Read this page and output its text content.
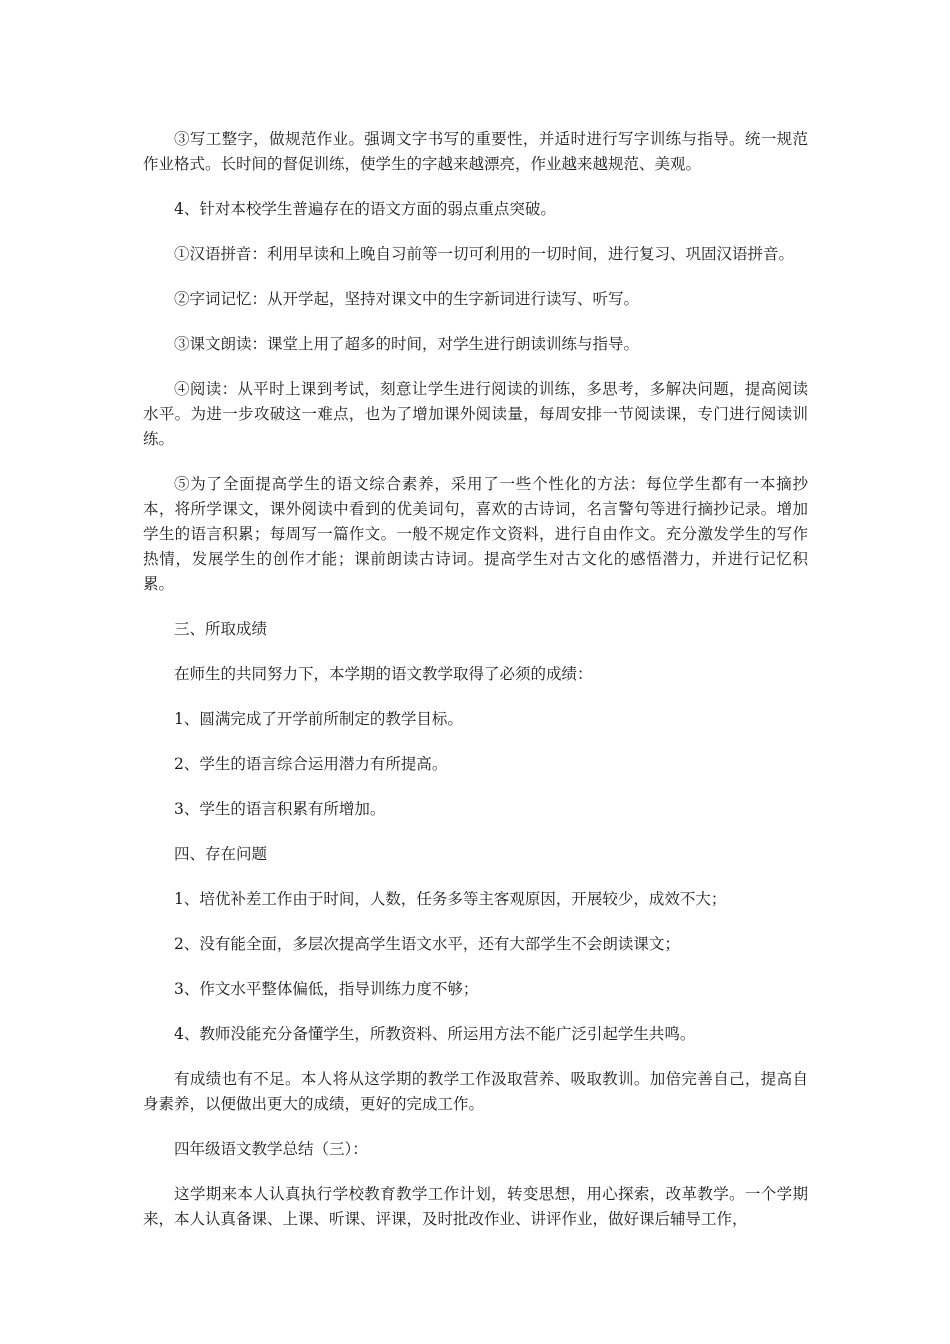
③写工整字，做规范作业。强调文字书写的重要性，并适时进行写字训练与指导。统一规范作业格式。长时间的督促训练，使学生的字越来越漂亮，作业越来越规范、美观。

4、针对本校学生普遍存在的语文方面的弱点重点突破。

①汉语拼音：利用早读和上晚自习前等一切可利用的一切时间，进行复习、巩固汉语拼音。

②字词记忆：从开学起，坚持对课文中的生字新词进行读写、听写。

③课文朗读：课堂上用了超多的时间，对学生进行朗读训练与指导。

④阅读：从平时上课到考试，刻意让学生进行阅读的训练，多思考，多解决问题，提高阅读水平。为进一步攻破这一难点，也为了增加课外阅读量，每周安排一节阅读课，专门进行阅读训练。

⑤为了全面提高学生的语文综合素养，采用了一些个性化的方法：每位学生都有一本摘抄本，将所学课文，课外阅读中看到的优美词句，喜欢的古诗词，名言警句等进行摘抄记录。增加学生的语言积累；每周写一篇作文。一般不规定作文资料，进行自由作文。充分激发学生的写作热情，发展学生的创作才能；课前朗读古诗词。提高学生对古文化的感悟潜力，并进行记忆积累。

三、所取成绩

在师生的共同努力下，本学期的语文教学取得了必须的成绩：

1、圆满完成了开学前所制定的教学目标。

2、学生的语言综合运用潜力有所提高。

3、学生的语言积累有所增加。

四、存在问题

1、培优补差工作由于时间，人数，任务多等主客观原因，开展较少，成效不大；

2、没有能全面，多层次提高学生语文水平，还有大部学生不会朗读课文；

3、作文水平整体偏低，指导训练力度不够；

4、教师没能充分备懂学生，所教资料、所运用方法不能广泛引起学生共鸣。

有成绩也有不足。本人将从这学期的教学工作汲取营养、吸取教训。加倍完善自己，提高自身素养，以便做出更大的成绩，更好的完成工作。

四年级语文教学总结（三）：

这学期来本人认真执行学校教育教学工作计划，转变思想，用心探索，改革教学。一个学期来，本人认真备课、上课、听课、评课，及时批改作业、讲评作业，做好课后辅导工作，
